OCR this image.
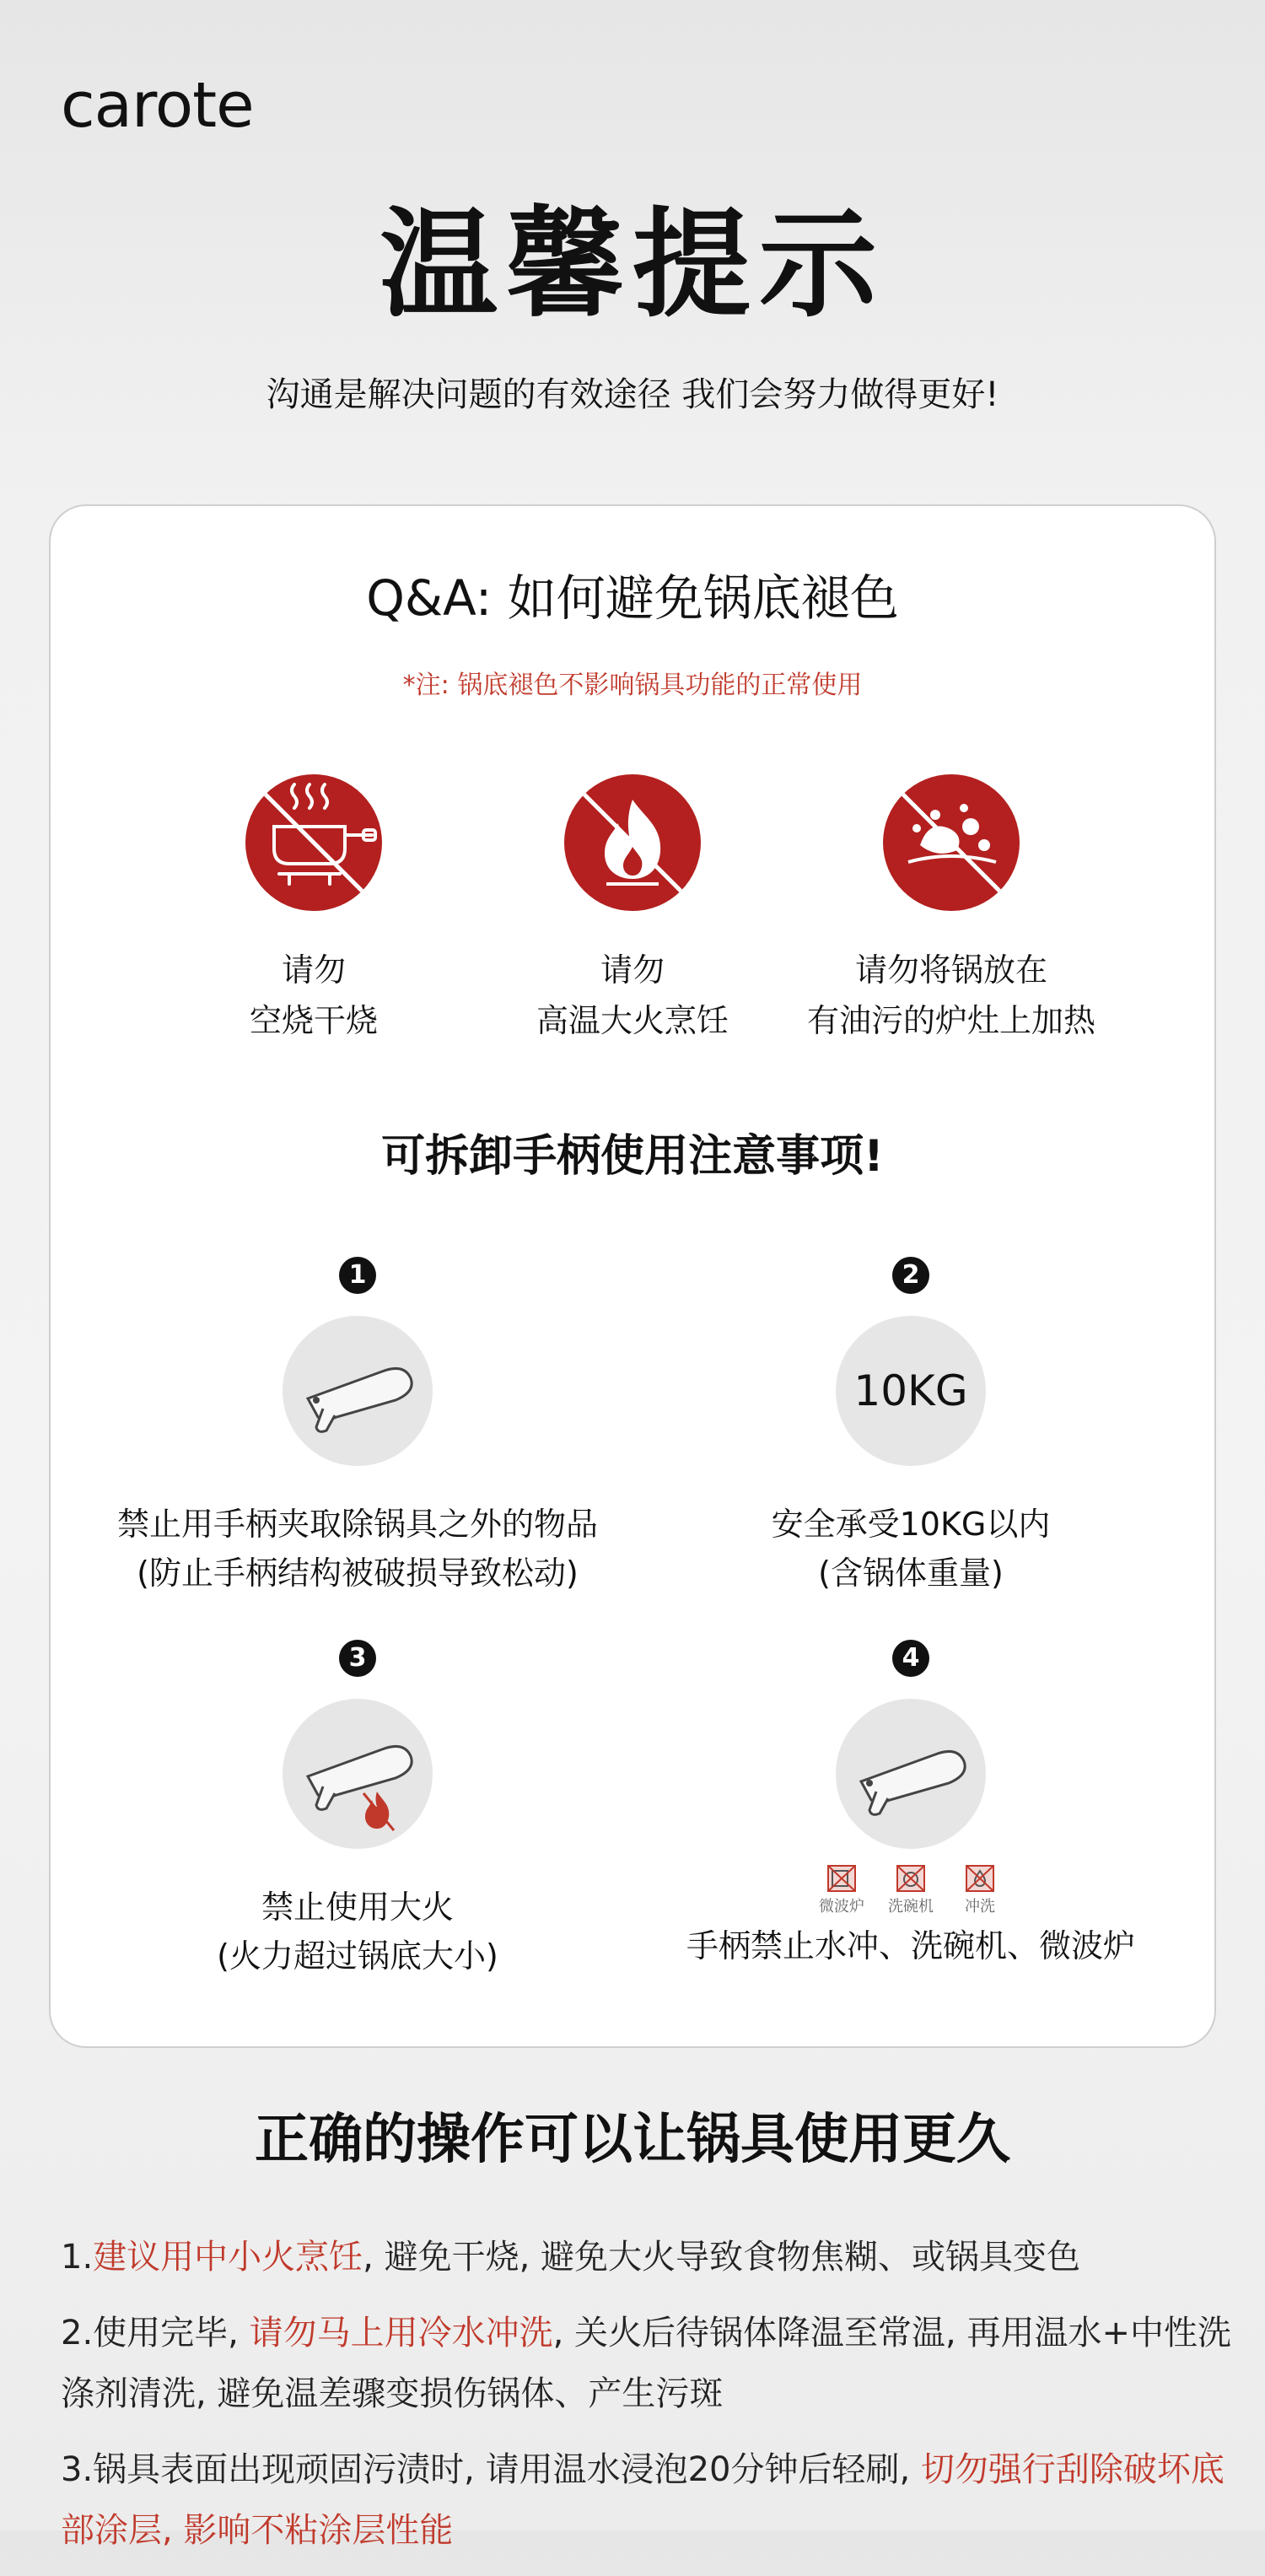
carote
温馨提示
沟通是解决问题的有效途径 我们会努力做得更好!
Q&A: 如何避免锅底褪色
*注: 锅底褪色不影响锅具功能的正常使用
请勿
空烧干烧
请勿
高温大火烹饪
请勿将锅放在
有油污的炉灶上加热
可拆卸手柄使用注意事项!
1
禁止用手柄夹取除锅具之外的物品
(防止手柄结构被破损导致松动)
2
10KG
安全承受10KG以内
(含锅体重量)
3
禁止使用大火
(火力超过锅底大小)
4
微波炉 洗碗机	冲洗
手柄禁止水冲、洗碗机、微波炉
正确的操作可以让锅具使用更久
1.建议用中小火烹饪, 避免干烧, 避免大火导致食物焦糊、或锅具变色
2.使用完毕, 请勿马上用冷水冲洗, 关火后待锅体降温至常温, 再用温水+中性洗涤剂清洗, 避免温差骤变损伤锅体、产生污斑
3.锅具表面出现顽固污渍时, 请用温水浸泡20分钟后轻刷, 切勿强行刮除破坏底部涂层, 影响不粘涂层性能
